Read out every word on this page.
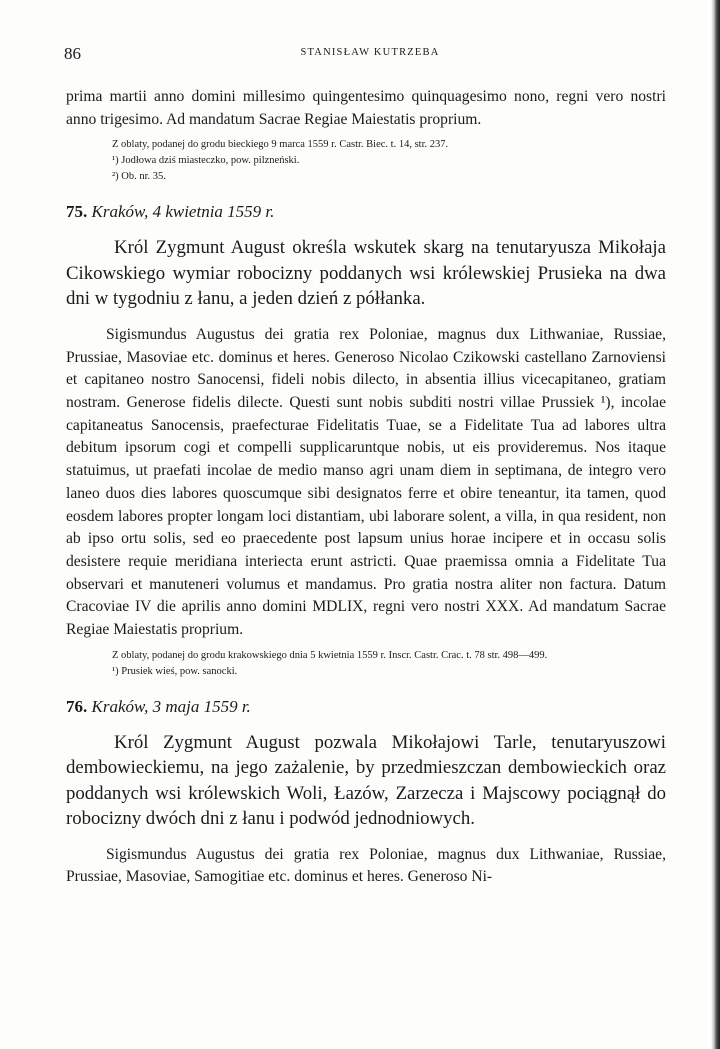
86	STANISŁAW KUTRZEBA

prima martii anno domini millesimo quingentesimo quinquagesimo nono, regni vero nostri anno trigesimo. Ad mandatum Sacrae Regiae Maiestatis proprium.

Z oblaty, podanej do grodu bieckiego 9 marca 1559 r. Castr. Biec. t. 14, str. 237.

¹) Jodłowa dziś miasteczko, pow. pilzneński.

²) Ob. nr. 35.

75. Kraków, 4 kwietnia 1559 r.

Król Zygmunt August określa wskutek skarg na tenutaryusza Mikołaja Cikowskiego wymiar robocizny poddanych wsi królewskiej Prusieka na dwa dni w tygodniu z łanu, a jeden dzień z półłanka.

Sigismundus Augustus dei gratia rex Poloniae, magnus dux Lithwaniae, Russiae, Prussiae, Masoviae etc. dominus et heres. Generoso Nicolao Czikowski castellano Zarnoviensi et capitaneo nostro Sanocensi, fideli nobis dilecto, in absentia illius vicecapitaneo, gratiam nostram. Generose fidelis dilecte. Questi sunt nobis subditi nostri villae Prussiek ¹), incolae capitaneatus Sanocensis, praefecturae Fidelitatis Tuae, se a Fidelitate Tua ad labores ultra debitum ipsorum cogi et compelli supplicaruntque nobis, ut eis provideremus. Nos itaque statuimus, ut praefati incolae de medio manso agri unam diem in septimana, de integro vero laneo duos dies labores quoscumque sibi designatos ferre et obire teneantur, ita tamen, quod eosdem labores propter longam loci distantiam, ubi laborare solent, a villa, in qua resident, non ab ipso ortu solis, sed eo praecedente post lapsum unius horae incipere et in occasu solis desistere requie meridiana interiecta erunt astricti. Quae praemissa omnia a Fidelitate Tua observari et manuteneri volumus et mandamus. Pro gratia nostra aliter non factura. Datum Cracoviae IV die aprilis anno domini MDLIX, regni vero nostri XXX. Ad mandatum Sacrae Regiae Maiestatis proprium.

Z oblaty, podanej do grodu krakowskiego dnia 5 kwietnia 1559 r. Inscr. Castr. Crac. t. 78 str. 498—499.

¹) Prusiek wieś, pow. sanocki.

76. Kraków, 3 maja 1559 r.

Król Zygmunt August pozwala Mikołajowi Tarle, tenutaryuszowi dembowieckiemu, na jego zażalenie, by przedmieszczan dembowieckich oraz poddanych wsi królewskich Woli, Łazów, Zarzecza i Majscowy pociągnął do robocizny dwóch dni z łanu i podwód jednodniowych.

Sigismundus Augustus dei gratia rex Poloniae, magnus dux Lithwaniae, Russiae, Prussiae, Masoviae, Samogitiae etc. dominus et heres. Generoso Ni-
